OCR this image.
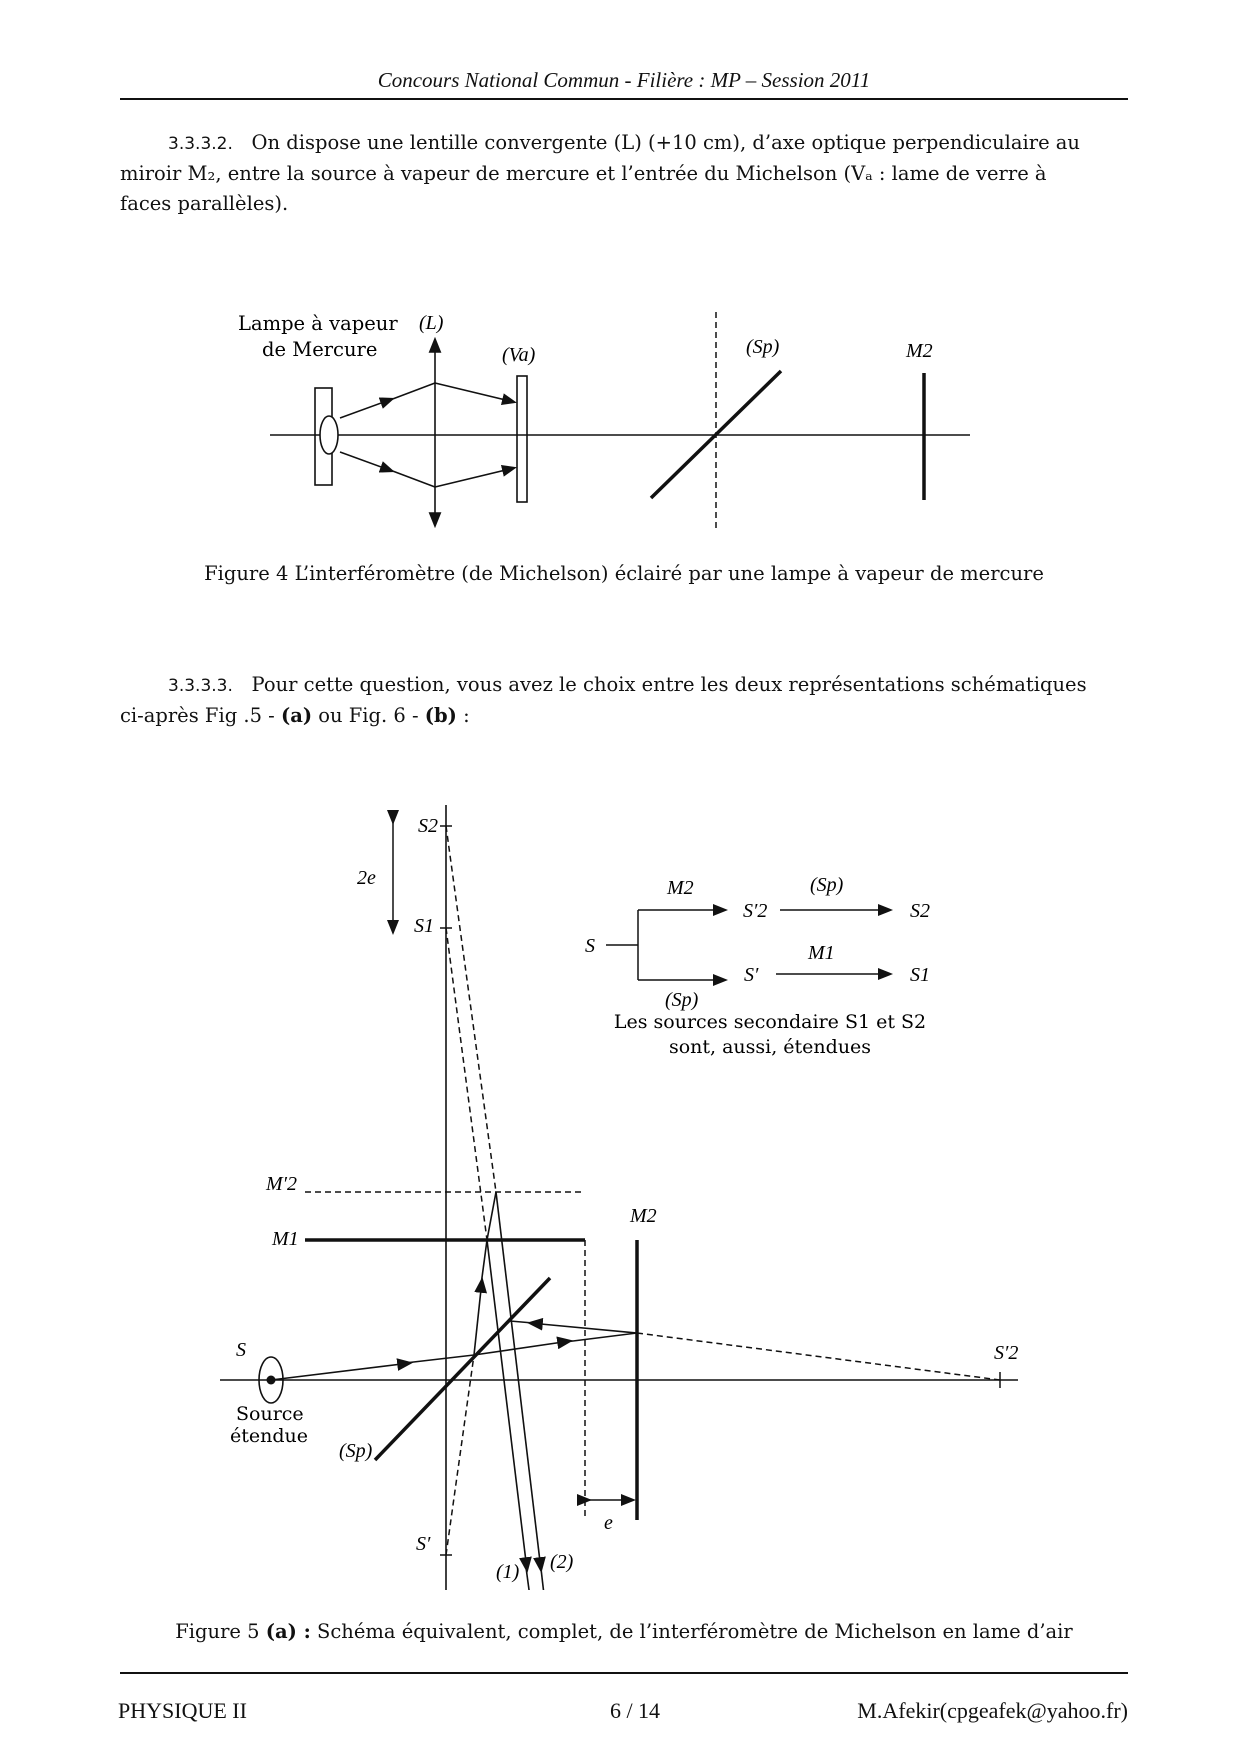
Concours National Commun - Filière : MP – Session 2011
3.3.3.2. On dispose une lentille convergente (L) (+10 cm), d’axe optique perpendiculaire au
miroir M₂, entre la source à vapeur de mercure et l’entrée du Michelson (Vₐ : lame de verre à
faces parallèles).
Lampe à vapeur
de Mercure
(L)
(Va)	(Sp)	M2
Figure 4 L’interféromètre (de Michelson) éclairé par une lampe à vapeur de mercure
3.3.3.3. Pour cette question, vous avez le choix entre les deux représentations schématiques
ci-après Fig .5 - (a) ou Fig. 6 - (b) :
S2
2e
S1
M′2
M1
M2
S	S′2
Source
étendue
(Sp)
S′
e
(1) (2)
S
M2
S′2
(Sp)
S2
(Sp)
S′
M1
S1
Les sources secondaire S1 et S2
sont, aussi, étendues
Figure 5 (a) : Schéma équivalent, complet, de l’interféromètre de Michelson en lame d’air
PHYSIQUE II	6 / 14	M.Afekir(cpgeafek@yahoo.fr)
